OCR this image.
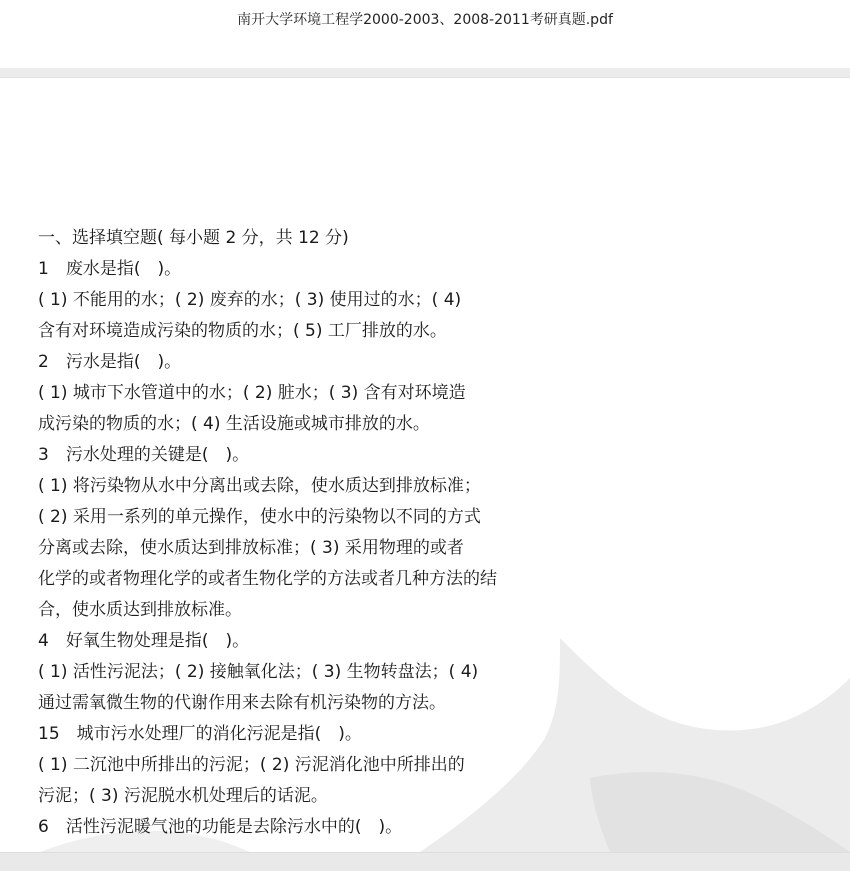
南开大学环境工程学2000-2003、2008-2011考研真题.pdf
一、选择填空题( 每小题 2 分，共 12 分)
1　废水是指(　)。
( 1) 不能用的水；( 2) 废弃的水；( 3) 使用过的水；( 4)
含有对环境造成污染的物质的水；( 5) 工厂排放的水。
2　污水是指(　)。
( 1) 城市下水管道中的水；( 2) 脏水；( 3) 含有对环境造
成污染的物质的水；( 4) 生活设施或城市排放的水。
3　污水处理的关键是(　)。
( 1) 将污染物从水中分离出或去除，使水质达到排放标准；
( 2) 采用一系列的单元操作，使水中的污染物以不同的方式
分离或去除，使水质达到排放标准；( 3) 采用物理的或者
化学的或者物理化学的或者生物化学的方法或者几种方法的结
合，使水质达到排放标准。
4　好氧生物处理是指(　)。
( 1) 活性污泥法；( 2) 接触氧化法；( 3) 生物转盘法；( 4)
通过需氧微生物的代谢作用来去除有机污染物的方法。
15　城市污水处理厂的消化污泥是指(　)。
( 1) 二沉池中所排出的污泥；( 2) 污泥消化池中所排出的
污泥；( 3) 污泥脱水机处理后的话泥。
6　活性污泥暖气池的功能是去除污水中的(　)。
